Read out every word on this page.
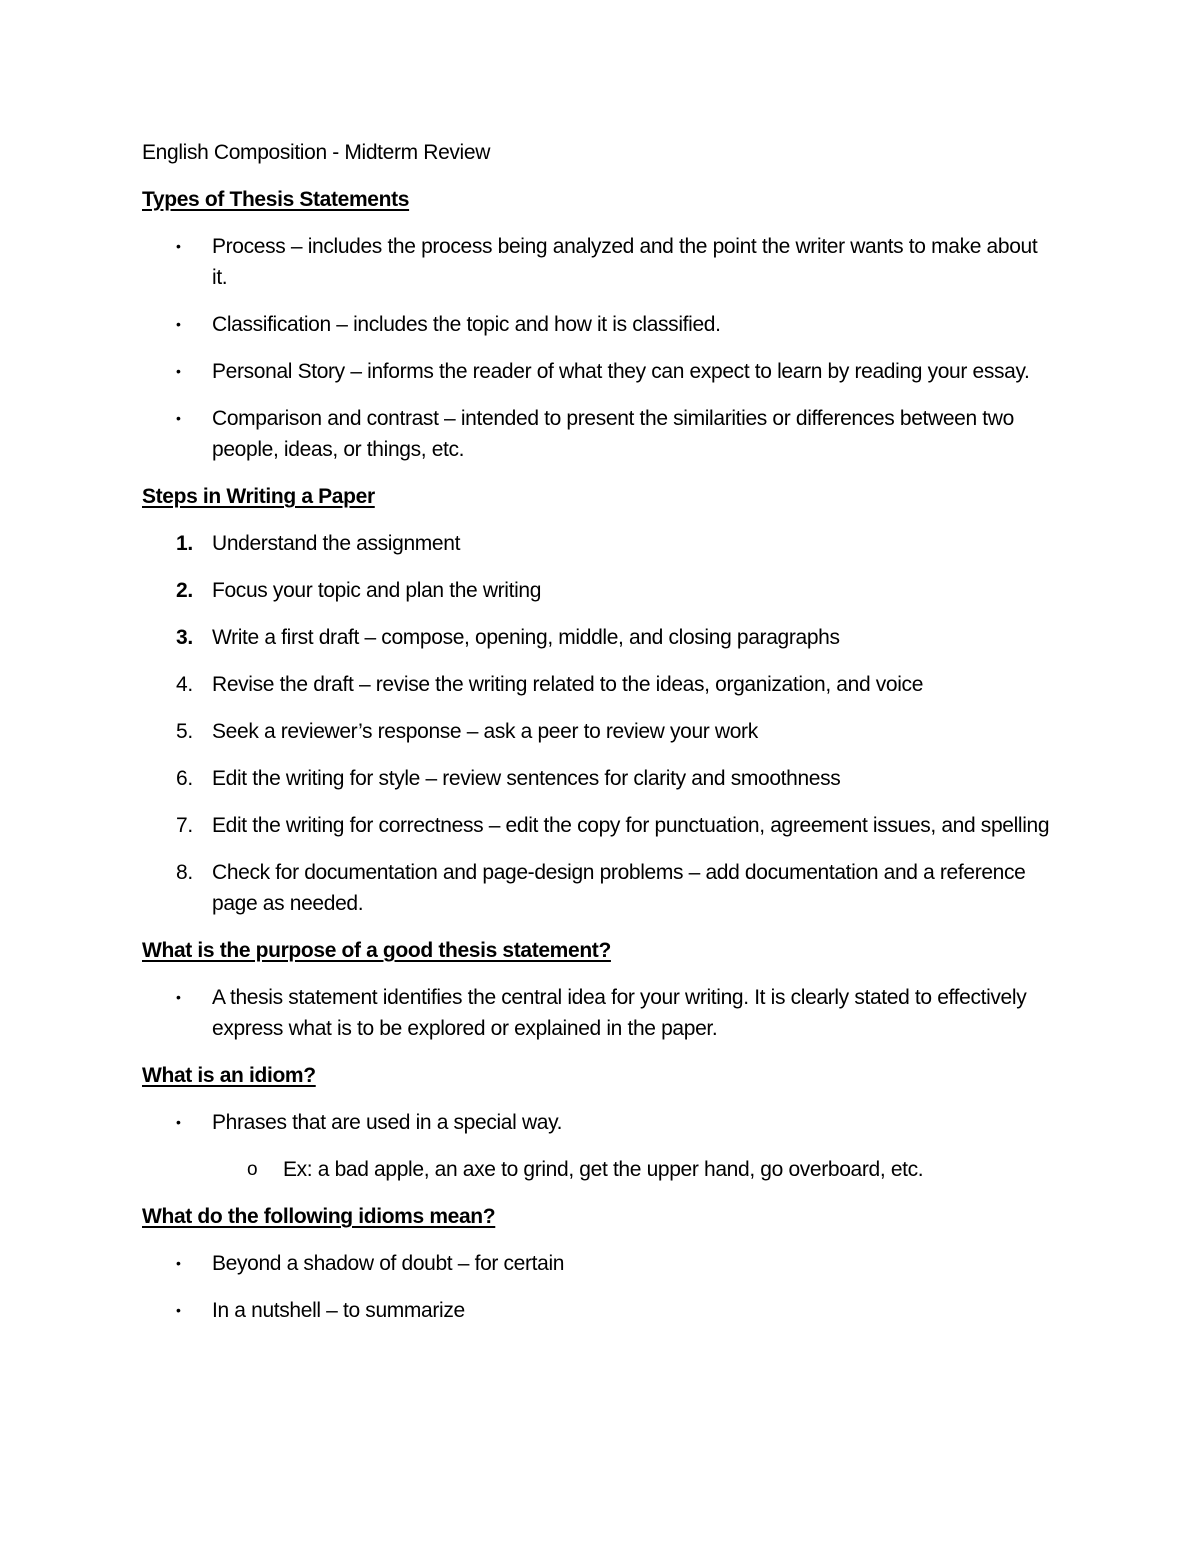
English Composition - Midterm Review
Types of Thesis Statements
• Process – includes the process being analyzed and the point the writer wants to make about it.
• Classification – includes the topic and how it is classified.
• Personal Story – informs the reader of what they can expect to learn by reading your essay.
• Comparison and contrast – intended to present the similarities or differences between two people, ideas, or things, etc.
Steps in Writing a Paper
1. Understand the assignment
2. Focus your topic and plan the writing
3. Write a first draft – compose, opening, middle, and closing paragraphs
4. Revise the draft – revise the writing related to the ideas, organization, and voice
5. Seek a reviewer’s response – ask a peer to review your work
6. Edit the writing for style – review sentences for clarity and smoothness
7. Edit the writing for correctness – edit the copy for punctuation, agreement issues, and spelling
8. Check for documentation and page-design problems – add documentation and a reference page as needed.
What is the purpose of a good thesis statement?
• A thesis statement identifies the central idea for your writing. It is clearly stated to effectively express what is to be explored or explained in the paper.
What is an idiom?
• Phrases that are used in a special way.
o Ex: a bad apple, an axe to grind, get the upper hand, go overboard, etc.
What do the following idioms mean?
• Beyond a shadow of doubt – for certain
• In a nutshell – to summarize
